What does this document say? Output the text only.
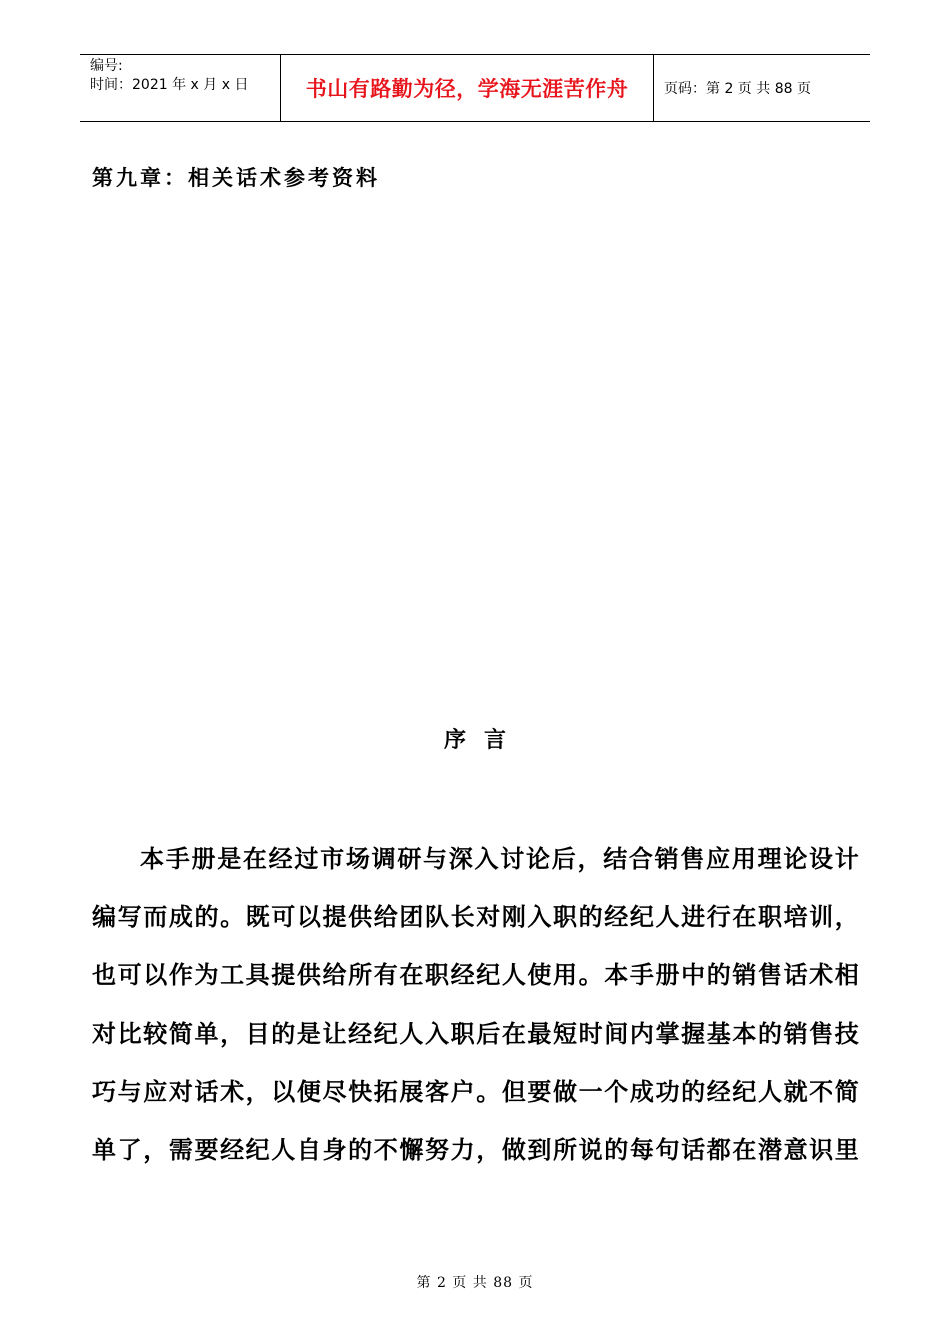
编号:
时间：2021 年 x 月 x 日	书山有路勤为径，学海无涯苦作舟	页码：第 2 页 共 88 页
第九章：相关话术参考资料
序言
本手册是在经过市场调研与深入讨论后，结合销售应用理论设计
编写而成的。既可以提供给团队长对刚入职的经纪人进行在职培训，
也可以作为工具提供给所有在职经纪人使用。本手册中的销售话术相
对比较简单，目的是让经纪人入职后在最短时间内掌握基本的销售技
巧与应对话术，以便尽快拓展客户。但要做一个成功的经纪人就不简
单了，需要经纪人自身的不懈努力，做到所说的每句话都在潜意识里
第 2 页 共 88 页
